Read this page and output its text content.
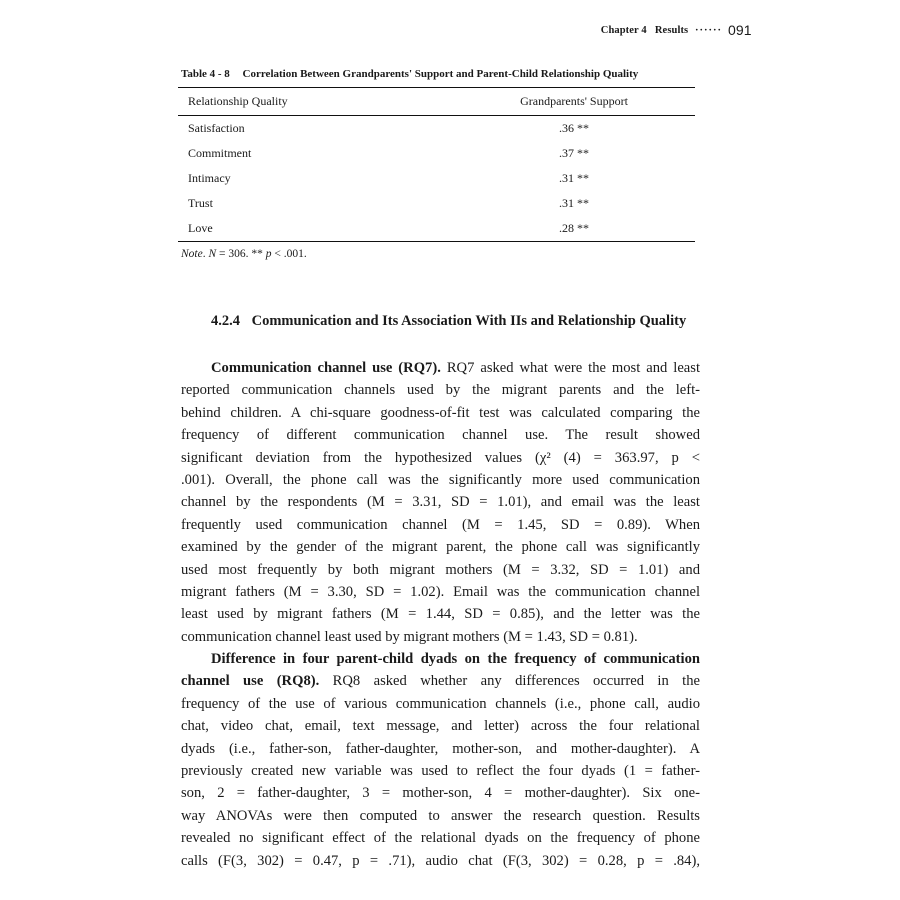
Chapter 4 Results ······ 091
Table 4 - 8 Correlation Between Grandparents' Support and Parent-Child Relationship Quality
Relationship Quality	Grandparents' Support
Satisfaction	.36 **
Commitment	.37 **
Intimacy	.31 **
Trust	.31 **
Love	.28 **
Note. N = 306. ** p < .001.
4.2.4 Communication and Its Association With IIs and Relationship Quality
Communication channel use (RQ7). RQ7 asked what were the most and least
reported communication channels used by the migrant parents and the left-
behind children. A chi-square goodness-of-fit test was calculated comparing the
frequency of different communication channel use. The result showed
significant deviation from the hypothesized values (χ² (4) = 363.97, p <
.001). Overall, the phone call was the significantly more used communication
channel by the respondents (M = 3.31, SD = 1.01), and email was the least
frequently used communication channel (M = 1.45, SD = 0.89). When
examined by the gender of the migrant parent, the phone call was significantly
used most frequently by both migrant mothers (M = 3.32, SD = 1.01) and
migrant fathers (M = 3.30, SD = 1.02). Email was the communication channel
least used by migrant fathers (M = 1.44, SD = 0.85), and the letter was the
communication channel least used by migrant mothers (M = 1.43, SD = 0.81).
Difference in four parent-child dyads on the frequency of communication
channel use (RQ8). RQ8 asked whether any differences occurred in the
frequency of the use of various communication channels (i.e., phone call, audio
chat, video chat, email, text message, and letter) across the four relational
dyads (i.e., father-son, father-daughter, mother-son, and mother-daughter). A
previously created new variable was used to reflect the four dyads (1 = father-
son, 2 = father-daughter, 3 = mother-son, 4 = mother-daughter). Six one-
way ANOVAs were then computed to answer the research question. Results
revealed no significant effect of the relational dyads on the frequency of phone
calls (F(3, 302) = 0.47, p = .71), audio chat (F(3, 302) = 0.28, p = .84),
